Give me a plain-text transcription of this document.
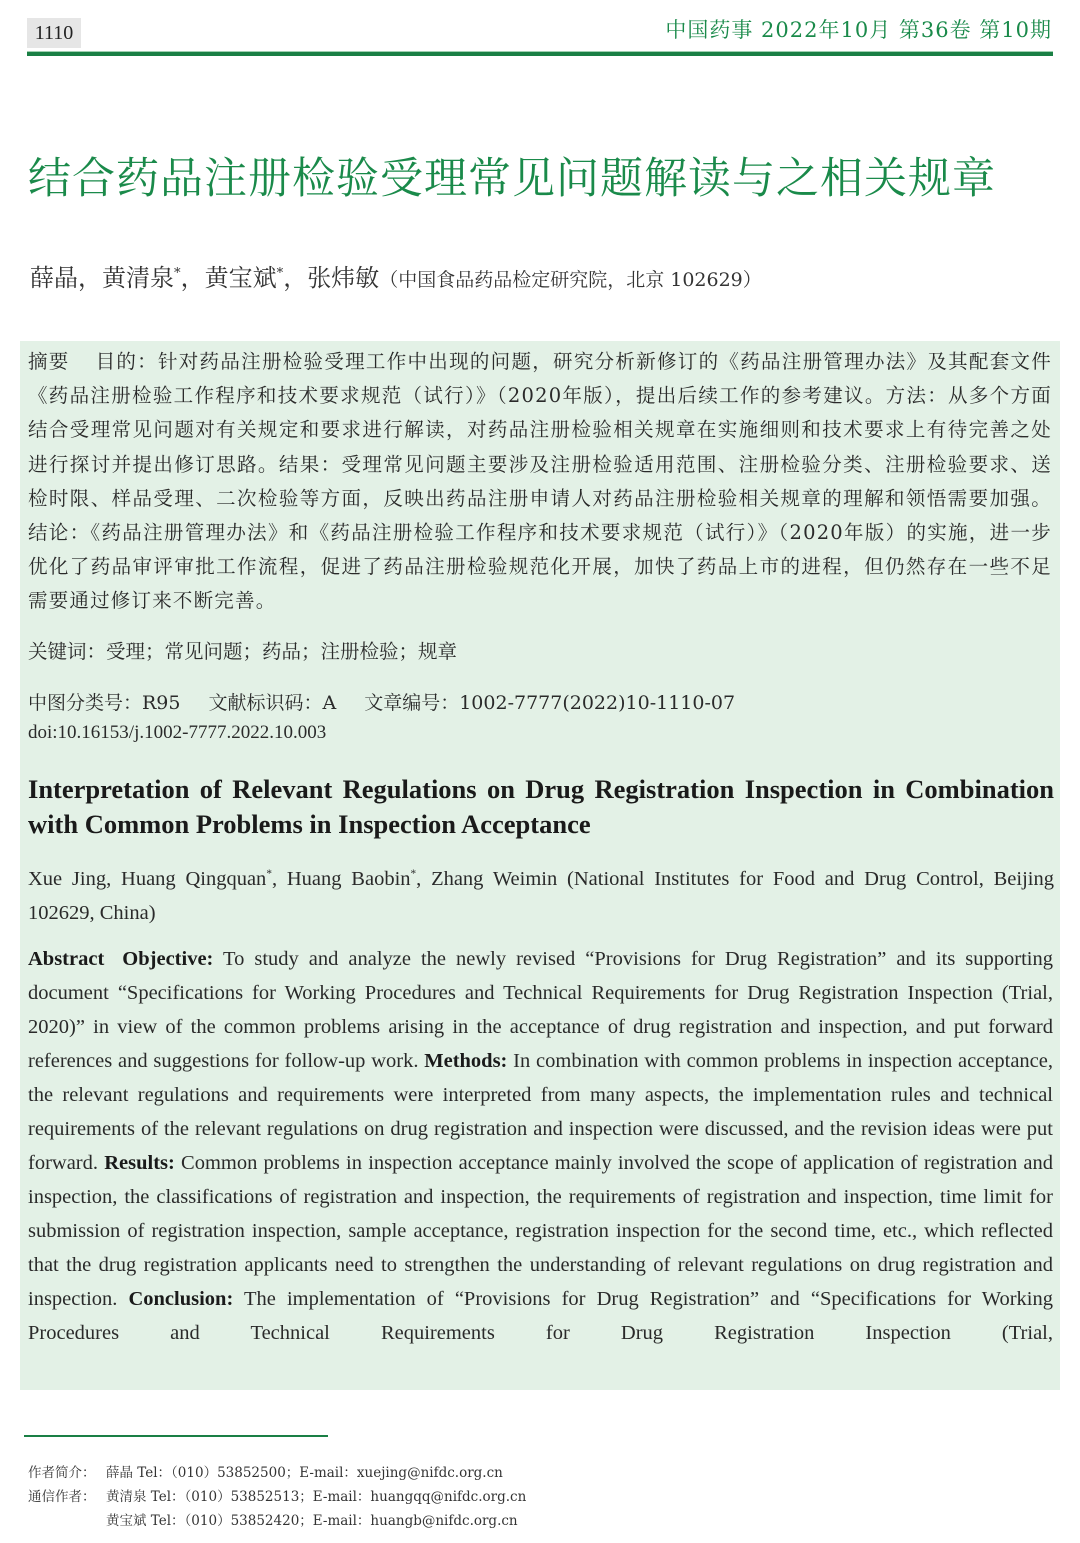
1110	中国药事 2022年10月 第36卷 第10期
结合药品注册检验受理常见问题解读与之相关规章
薛晶，黄清泉*，黄宝斌*，张炜敏（中国食品药品检定研究院，北京 102629）
摘要 目的：针对药品注册检验受理工作中出现的问题，研究分析新修订的《药品注册管理办法》及其配套文件《药品注册检验工作程序和技术要求规范（试行）》（2020年版），提出后续工作的参考建议。方法：从多个方面结合受理常见问题对有关规定和要求进行解读，对药品注册检验相关规章在实施细则和技术要求上有待完善之处进行探讨并提出修订思路。结果：受理常见问题主要涉及注册检验适用范围、注册检验分类、注册检验要求、送检时限、样品受理、二次检验等方面，反映出药品注册申请人对药品注册检验相关规章的理解和领悟需要加强。结论：《药品注册管理办法》和《药品注册检验工作程序和技术要求规范（试行）》（2020年版）的实施，进一步优化了药品审评审批工作流程，促进了药品注册检验规范化开展，加快了药品上市的进程，但仍然存在一些不足需要通过修订来不断完善。
关键词：受理；常见问题；药品；注册检验；规章
中图分类号：R95 文献标识码：A 文章编号：1002-7777(2022)10-1110-07
doi:10.16153/j.1002-7777.2022.10.003
Interpretation of Relevant Regulations on Drug Registration Inspection in Combination with Common Problems in Inspection Acceptance
Xue Jing, Huang Qingquan*, Huang Baobin*, Zhang Weimin (National Institutes for Food and Drug Control, Beijing 102629, China)
Abstract Objective: To study and analyze the newly revised “Provisions for Drug Registration” and its supporting document “Specifications for Working Procedures and Technical Requirements for Drug Registration Inspection (Trial, 2020)” in view of the common problems arising in the acceptance of drug registration and inspection, and put forward references and suggestions for follow-up work. Methods: In combination with common problems in inspection acceptance, the relevant regulations and requirements were interpreted from many aspects, the implementation rules and technical requirements of the relevant regulations on drug registration and inspection were discussed, and the revision ideas were put forward. Results: Common problems in inspection acceptance mainly involved the scope of application of registration and inspection, the classifications of registration and inspection, the requirements of registration and inspection, time limit for submission of registration inspection, sample acceptance, registration inspection for the second time, etc., which reflected that the drug registration applicants need to strengthen the understanding of relevant regulations on drug registration and inspection. Conclusion: The implementation of “Provisions for Drug Registration” and “Specifications for Working Procedures and Technical Requirements for Drug Registration Inspection (Trial,
作者简介： 薛晶 Tel：（010）53852500；E-mail：xuejing@nifdc.org.cn
通信作者： 黄清泉 Tel：（010）53852513；E-mail：huangqq@nifdc.org.cn
黄宝斌 Tel：（010）53852420；E-mail：huangb@nifdc.org.cn
